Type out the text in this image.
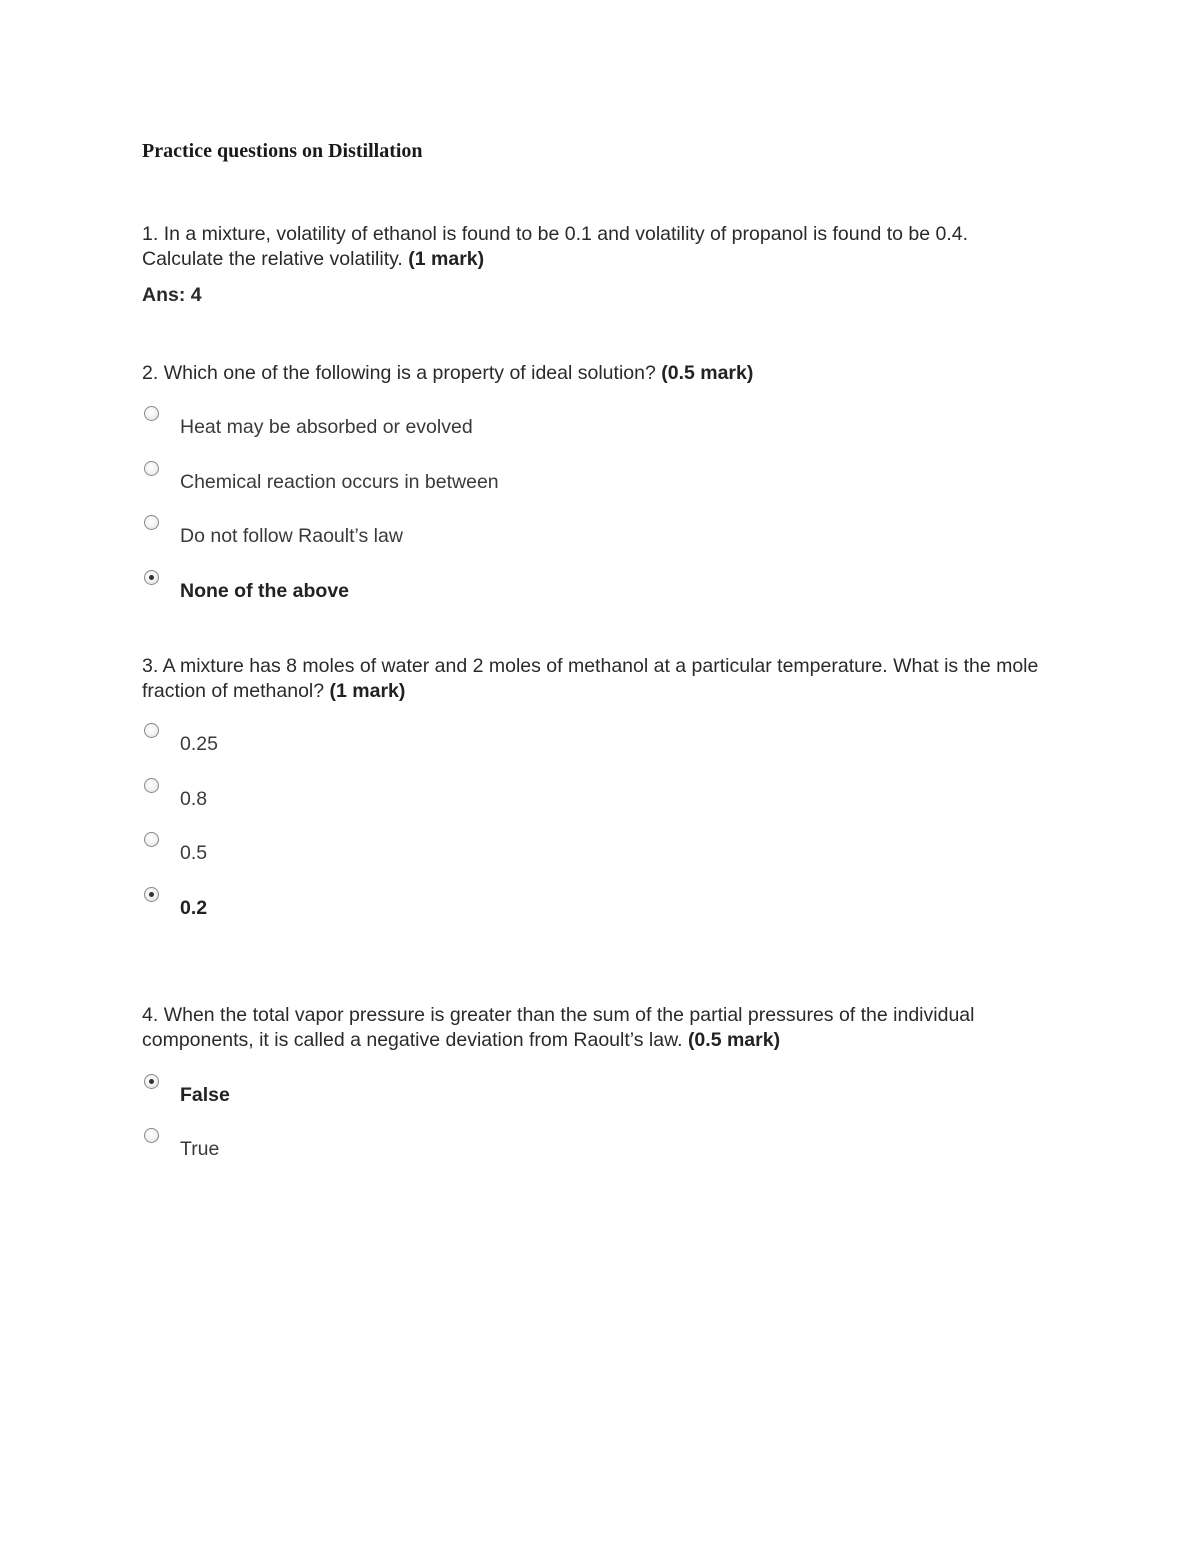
Practice questions on Distillation
1. In a mixture, volatility of ethanol is found to be 0.1 and volatility of propanol is found to be 0.4. Calculate the relative volatility. (1 mark)
Ans: 4
2. Which one of the following is a property of ideal solution? (0.5 mark)
Heat may be absorbed or evolved
Chemical reaction occurs in between
Do not follow Raoult’s law
None of the above
3. A mixture has 8 moles of water and 2 moles of methanol at a particular temperature. What is the mole fraction of methanol? (1 mark)
0.25
0.8
0.5
0.2
4. When the total vapor pressure is greater than the sum of the partial pressures of the individual components, it is called a negative deviation from Raoult’s law. (0.5 mark)
False
True
